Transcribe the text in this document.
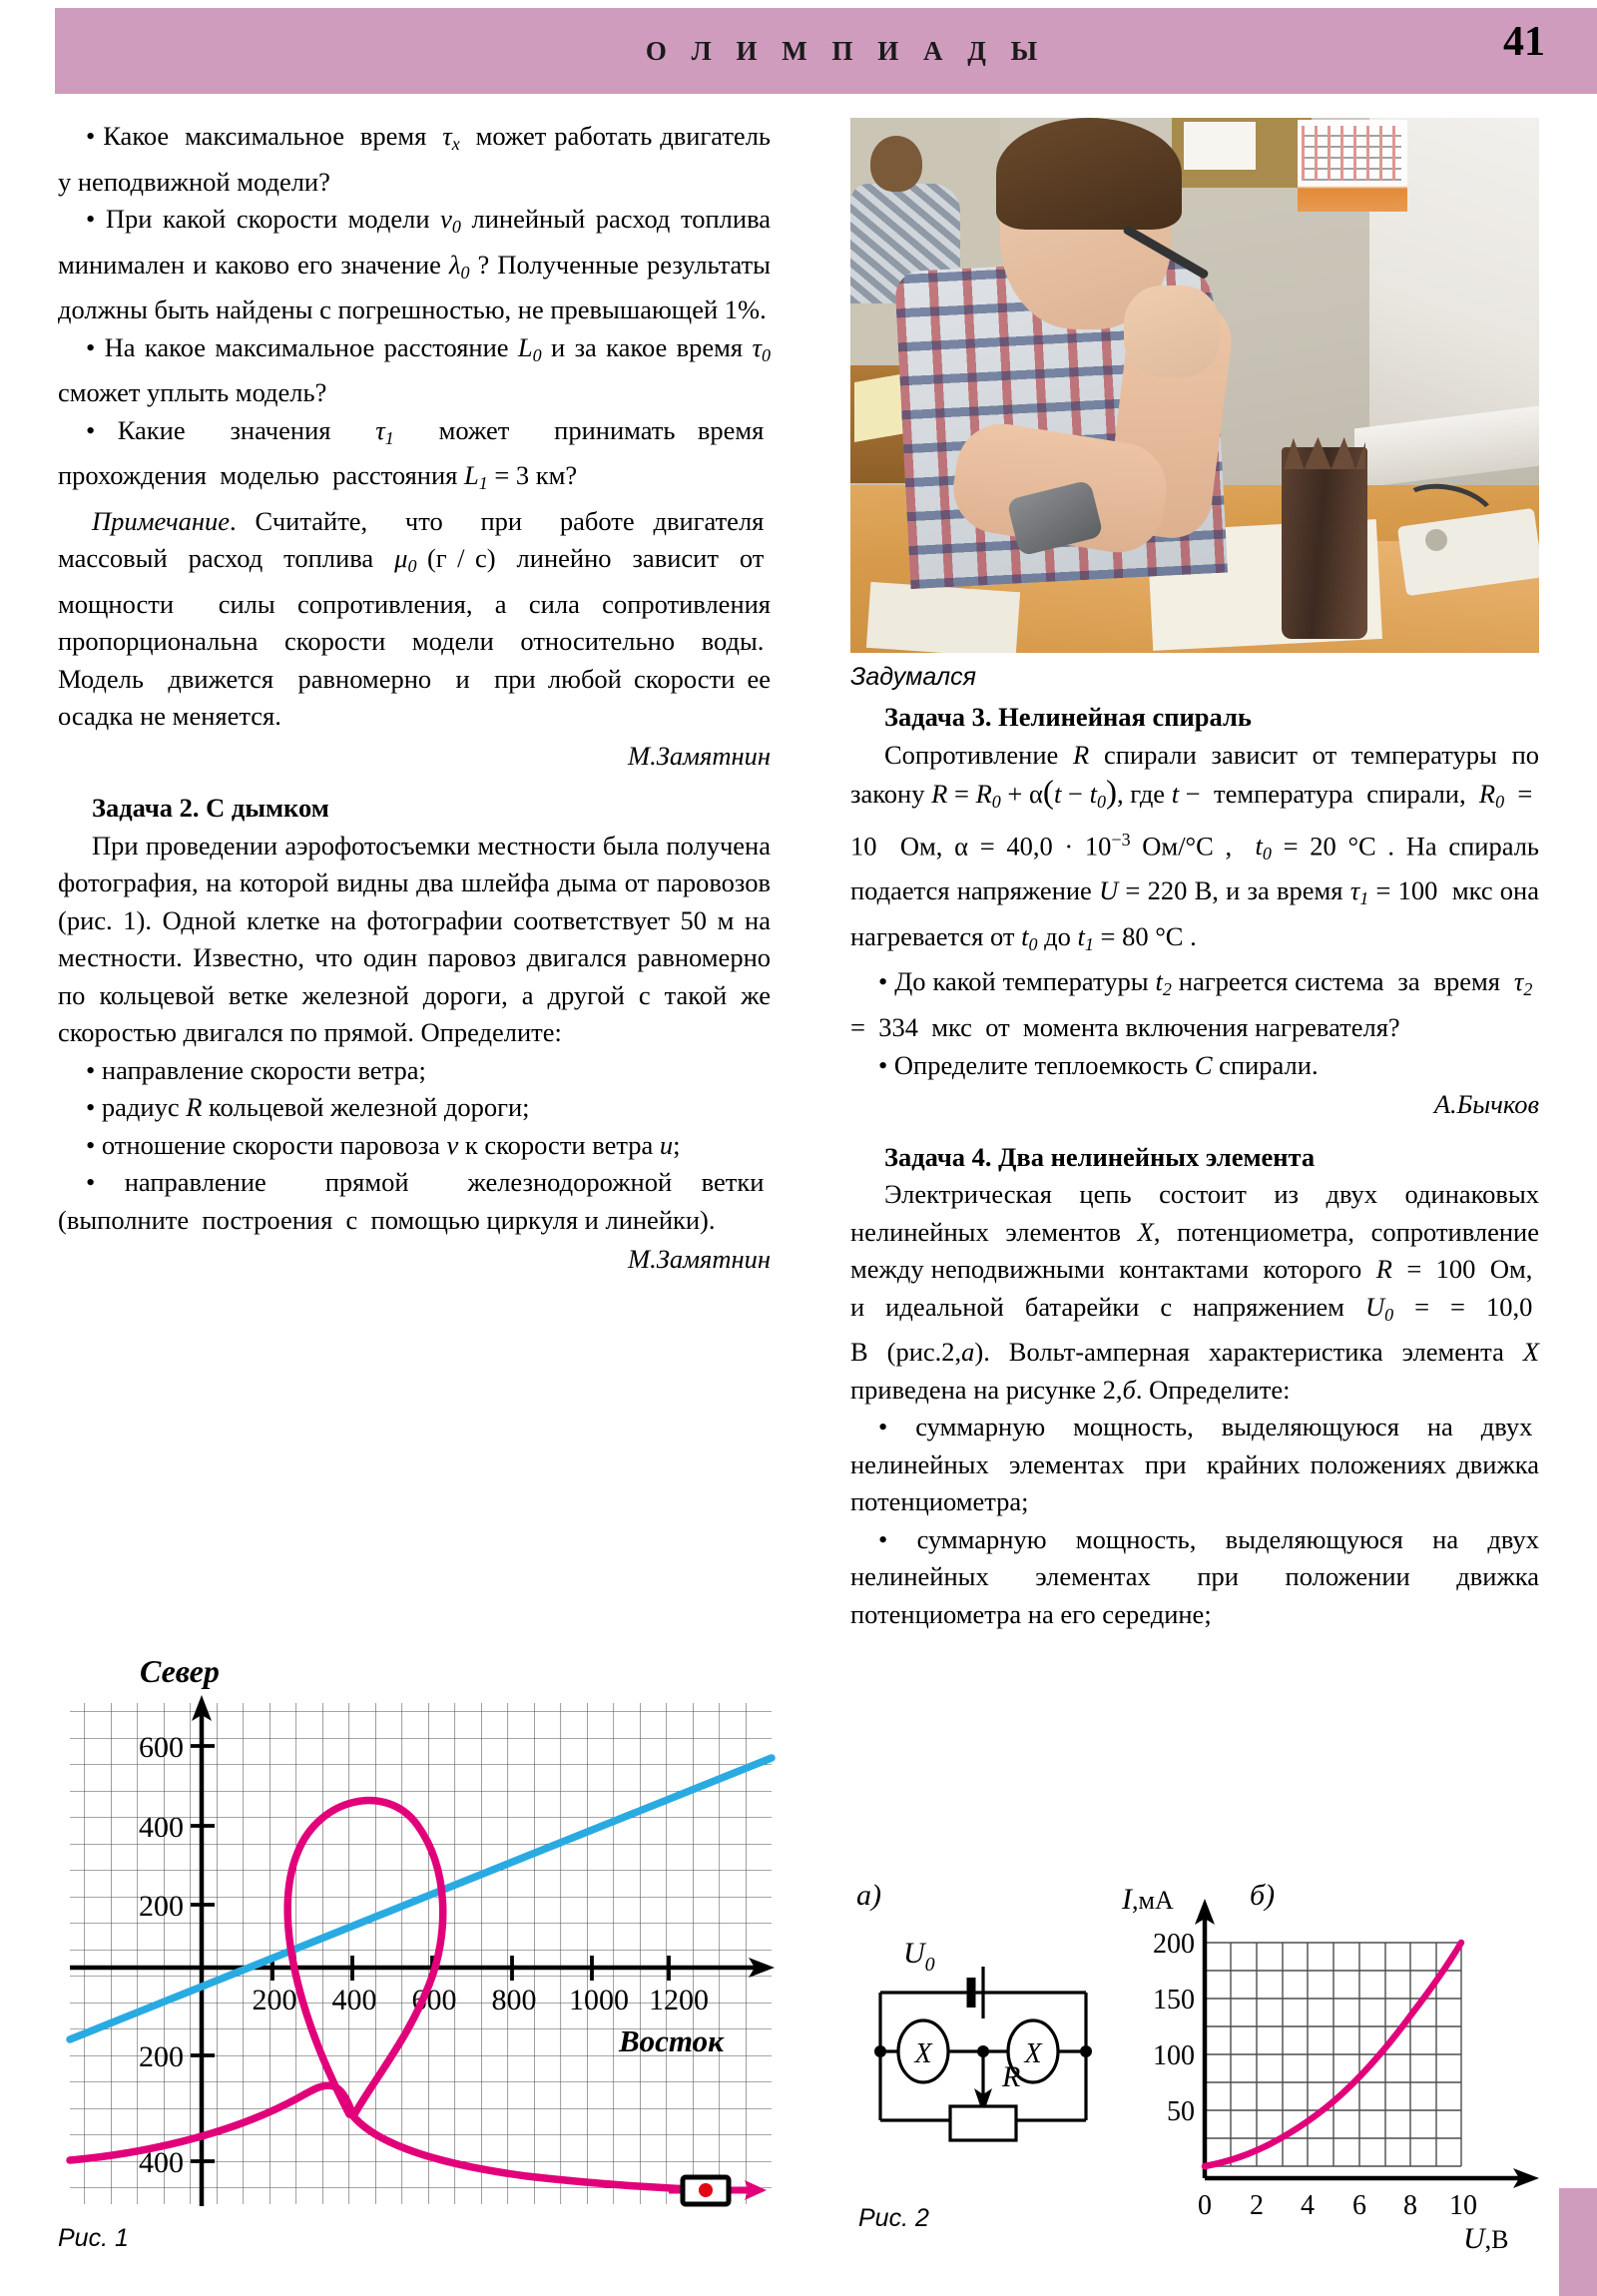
О Л И М П И А Д Ы	41

• Какое  максимальное  время  $\tau_x$  может работать двигатель у неподвижной модели?

• При какой скорости модели $v_0$ линейный расход топлива минимален и каково его значение $\lambda_0$ ? Полученные результаты должны быть найдены с погрешностью, не превышающей 1%.

• На какое максимальное расстояние $L_0$ и за какое время $\tau_0$ сможет уплыть модель?

• Какие  значения  $\tau_1$  может  принимать время  прохождения  моделью  расстояния $L_1 = 3$ км?

Примечание. Считайте,  что  при  работе двигателя  массовый  расход  топлива  $\mu_0$ (г / с)  линейно  зависит  от  мощности  силы сопротивления, а сила сопротивления пропорциональна скорости модели относительно воды.  Модель  движется  равномерно  и  при любой скорости ее осадка не меняется.

М.Замятнин

Задача 2. С дымком

При проведении аэрофотосъемки местности была получена фотография, на которой видны два шлейфа дыма от паровозов (рис. 1). Одной клетке на фотографии соответствует 50 м на местности. Известно, что один паровоз двигался равномерно по кольцевой ветке железной дороги, а другой с такой же скоростью двигался по прямой. Определите:

• направление скорости ветра;

• радиус R кольцевой железной дороги;

• отношение скорости паровоза v к скорости ветра u;

• направление  прямой  железнодорожной ветки  (выполните  построения  с  помощью циркуля и линейки).

М.Замятнин

Задумался

Задача 3. Нелинейная спираль

Сопротивление R спирали зависит от температуры по закону $R = R_0 + \alpha(t - t_0)$, где t −  температура  спирали,  $R_0 = 10$  Ом, $\alpha = 40,0 \cdot 10^{-3}$ Ом/°С ,  $t_0 = 20$ °С . На спираль подается напряжение U = 220 В, и за время $\tau_1 = 100$  мкс она нагревается от $t_0$ до $t_1 = 80$ °С .

• До какой температуры $t_2$ нагреется система  за  время  $\tau_2 = 334$  мкс  от  момента включения нагревателя?

• Определите теплоемкость C спирали.

А.Бычков

Задача 4. Два нелинейных элемента

Электрическая цепь состоит из двух одинаковых нелинейных элементов X, потенциометра, сопротивление между неподвижными  контактами  которого  R  =  100  Ом,  и идеальной батарейки с напряжением $U_0$ = = 10,0  В (рис.2,а). Вольт-амперная характеристика элемента X приведена на рисунке 2,б. Определите:

• суммарную мощность, выделяющуюся на двух  нелинейных  элементах  при  крайних положениях движка потенциометра;

• суммарную мощность, выделяющуюся на двух нелинейных элементах при положении движка потенциометра на его середине;

600
400
200
200
400
200 400 600 800 1000 1200
Восток
Север
Рис. 1
а)	б)
$U_0$
X	X
R
200
150
100
50
0 2 4 6 8 10
I,мА
U,В
Рис. 2
